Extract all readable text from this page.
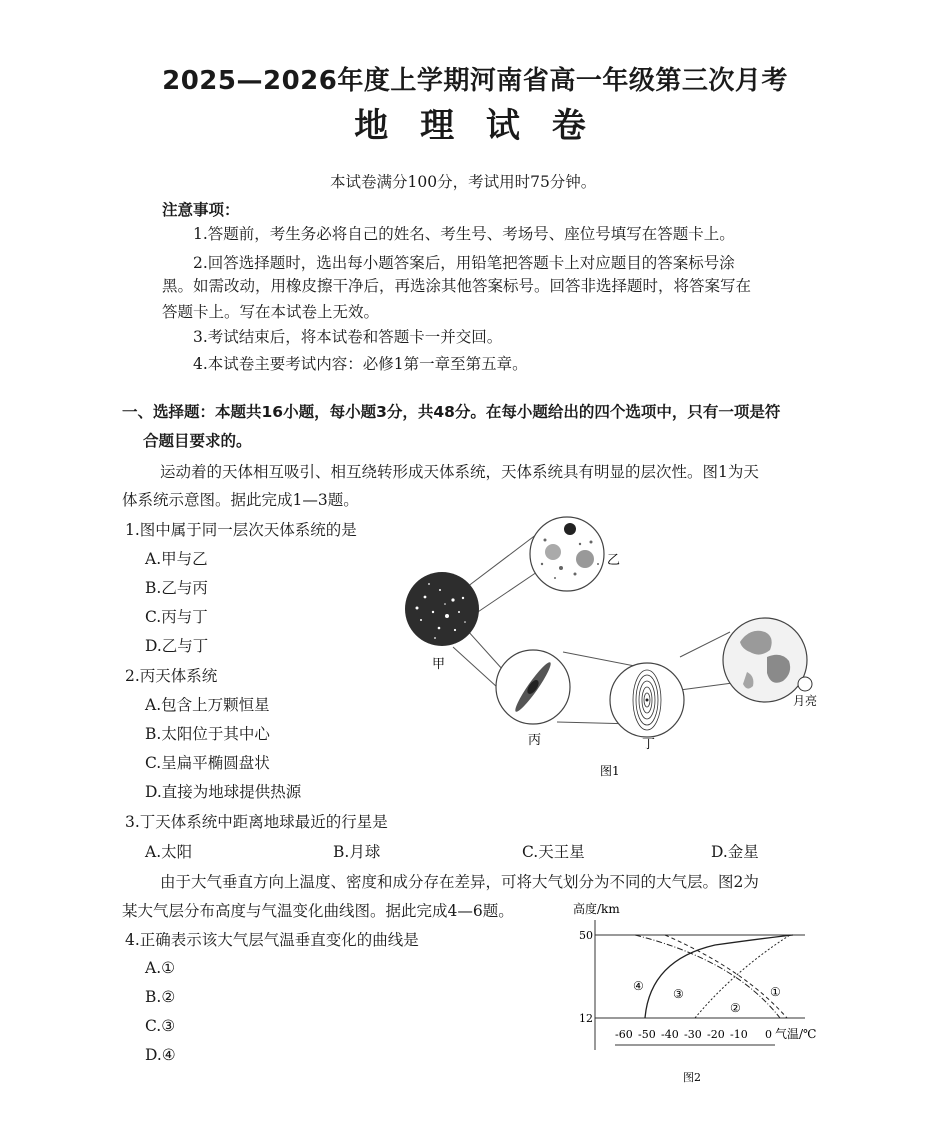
2025—2026年度上学期河南省高一年级第三次月考
地 理 试 卷
本试卷满分100分，考试用时75分钟。
注意事项：
1.答题前，考生务必将自己的姓名、考生号、考场号、座位号填写在答题卡上。
2.回答选择题时，选出每小题答案后，用铅笔把答题卡上对应题目的答案标号涂
黑。如需改动，用橡皮擦干净后，再选涂其他答案标号。回答非选择题时，将答案写在
答题卡上。写在本试卷上无效。
3.考试结束后，将本试卷和答题卡一并交回。
4.本试卷主要考试内容：必修1第一章至第五章。
一、选择题：本题共16小题，每小题3分，共48分。在每小题给出的四个选项中，只有一项是符
合题目要求的。
运动着的天体相互吸引、相互绕转形成天体系统，天体系统具有明显的层次性。图1为天
体系统示意图。据此完成1—3题。
1.图中属于同一层次天体系统的是
A.甲与乙
B.乙与丙
C.丙与丁
D.乙与丁
2.丙天体系统
A.包含上万颗恒星
B.太阳位于其中心
C.呈扁平椭圆盘状
D.直接为地球提供热源
3.丁天体系统中距离地球最近的行星是
A.太阳	B.月球	C.天王星	D.金星
由于大气垂直方向上温度、密度和成分存在差异，可将大气划分为不同的大气层。图2为
某大气层分布高度与气温变化曲线图。据此完成4—6题。
4.正确表示该大气层气温垂直变化的曲线是
A.①
B.②
C.③
D.④
甲
乙
丙	丁
月亮
图1
高度/km
50
12
-60 -50 -40 -30 -20 -10 0 气温/℃
①
②
③
④
图2
